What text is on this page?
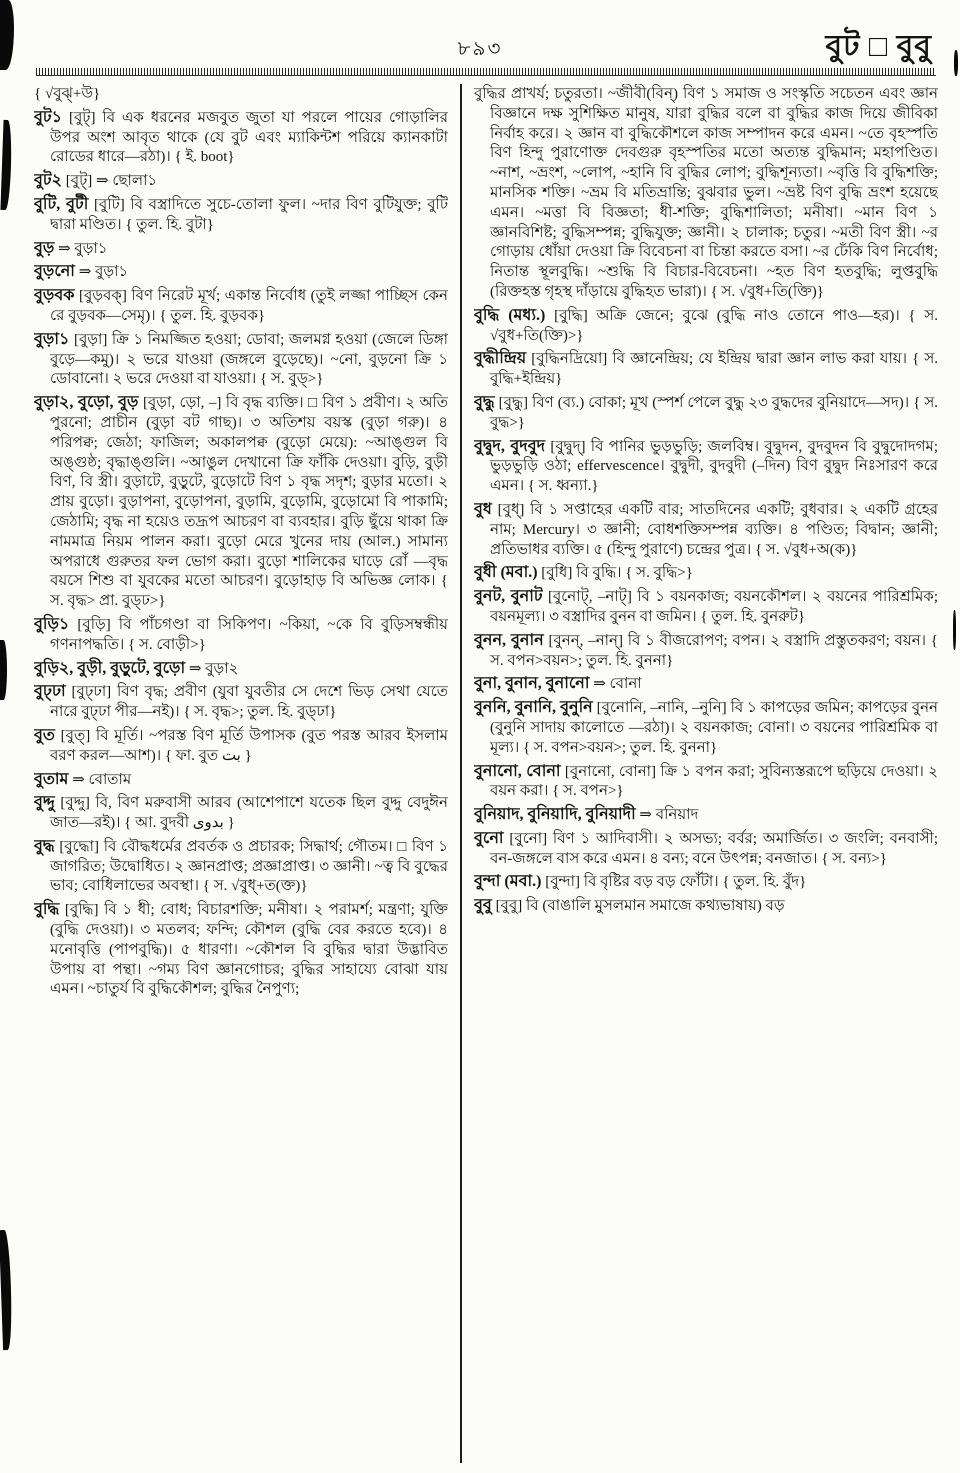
৮৯৩	বুট □ বুবু

{ √বুঝ্+উ}

বুট১ [বুট্] বি এক ধরনের মজবুত জুতা যা পরলে পায়ের গোড়ালির উপর অংশ আবৃত থাকে (যে বুট এবং ম্যাকিন্টশ পরিয়ে ক্যানকাটা রোডের ধারে—রঠা)। { ই. boot}

বুট২ [বুট্] ⇒ ছোলা১

বুটি, বুটী [বুটি] বি বস্ত্রাদিতে সুচে-তোলা ফুল। ~দার বিণ বুটিযুক্ত; বুটি দ্বারা মণ্ডিত। { তুল. হি. বুটা}

বুড় ⇒ বুড়া১

বুড়নো ⇒ বুড়া১

বুড়বক [বুড়বক্] বিণ নিরেট মূর্খ; একান্ত নির্বোধ (তুই লজ্জা পাচ্ছিস কেন রে বুড়বক—সেমৃ)। { তুল. হি. বুড়বক}

বুড়া১ [বুড়া] ক্রি ১ নিমজ্জিত হওয়া; ডোবা; জলমগ্ন হওয়া (জেলে ডিঙ্গা বুড়ে—কমু)। ২ ভরে যাওয়া (জঙ্গলে বুড়েছে)। ~নো, বুড়নো ক্রি ১ ডোবানো। ২ ভরে দেওয়া বা যাওয়া। { স. বুড্>}

বুড়া২, বুড়ো, বুড় [বুড়া, ড়ো, –] বি বৃদ্ধ ব্যক্তি। □ বিণ ১ প্রবীণ। ২ অতি পুরনো; প্রাচীন (বুড়া বট গাছ)। ৩ অতিশয় বয়স্ক (বুড়া গরু)। ৪ পরিপক্ব; জেঠা; ফাজিল; অকালপক্ব (বুড়ো মেয়ে): ~আঙ্গুল বি অঙ্গুষ্ঠ; বৃদ্ধাঙ্গুলি। ~আঙুল দেখানো ক্রি ফাঁকি দেওয়া। বুড়ি, বুড়ী বিণ, বি স্ত্রী। বুড়াটে, বুড়ুটে, বুড়োটে বিণ ১ বৃদ্ধ সদৃশ; বুড়ার মতো। ২ প্রায় বুড়ো। বুড়াপনা, বুড়োপনা, বুড়ামি, বুড়োমি, বুড়োমো বি পাকামি; জেঠামি; বৃদ্ধ না হয়েও তদ্রূপ আচরণ বা ব্যবহার। বুড়ি ছুঁয়ে থাকা ক্রি নামমাত্র নিয়ম পালন করা। বুড়ো মেরে খুনের দায় (আল.) সামান্য অপরাধে গুরুতর ফল ভোগ করা। বুড়ো শালিকের ঘাড়ে রোঁ —বৃদ্ধ বয়সে শিশু বা যুবকের মতো আচরণ। বুড়োহাড় বি অভিজ্ঞ লোক। { স. বৃদ্ধ> প্রা. বুড্ঢ>}

বুড়ি১ [বুড়ি] বি পাঁচগণ্ডা বা সিকিপণ। ~কিয়া, ~কে বি বুড়িসম্বন্ধীয় গণনাপদ্ধতি। { স. বোড়ী>}

বুড়ি২, বুড়ী, বুড়ুটে, বুড়ো ⇒ বুড়া২

বুঢ্ঢা [বুঢ্ঢা] বিণ বৃদ্ধ; প্রবীণ (যুবা যুবতীর সে দেশে ভিড় সেথা যেতে নারে বুঢ্ঢা পীর—নই)। { স. বৃদ্ধ>; তুল. হি. বুড্ঢা}

বুত [বুত্] বি মূর্তি। ~পরস্ত বিণ মূর্তি উপাসক (বুত পরস্ত আরব ইসলাম বরণ করল—আশ)। { ফা. বুত بت }

বুতাম ⇒ বোতাম

বুদ্দু [বুদ্দু] বি, বিণ মরুবাসী আরব (আশেপাশে যতেক ছিল বুদ্দু বেদুঈন জাত—রই)। { আ. বুদবী بدوى }

বুদ্ধ [বুদ্ধো] বি বৌদ্ধধর্মের প্রবর্তক ও প্রচারক; সিদ্ধার্থ; গৌতম। □ বিণ ১ জাগরিত; উদ্বোধিত। ২ জ্ঞানপ্রাপ্ত; প্রজ্ঞাপ্রাপ্ত। ৩ জ্ঞানী। ~ত্ব বি বুদ্ধের ভাব; বোধিলাভের অবস্থা। { স. √বুধ্+ত(ক্ত)}

বুদ্ধি [বুদ্ধি] বি ১ ধী; বোধ; বিচারশক্তি; মনীষা। ২ পরামর্শ; মন্ত্রণা; যুক্তি (বুদ্ধি দেওয়া)। ৩ মতলব; ফন্দি; কৌশল (বুদ্ধি বের করতে হবে)। ৪ মনোবৃত্তি (পাপবুদ্ধি)। ৫ ধারণা। ~কৌশল বি বুদ্ধির দ্বারা উদ্ভাবিত উপায় বা পন্থা। ~গম্য বিণ জ্ঞানগোচর; বুদ্ধির সাহায্যে বোঝা যায় এমন। ~চাতুর্য বি বুদ্ধিকৌশল; বুদ্ধির নৈপুণ্য;

বুদ্ধির প্রাখর্য; চতুরতা। ~জীবী(বিন্) বিণ ১ সমাজ ও সংস্কৃতি সচেতন এবং জ্ঞান বিজ্ঞানে দক্ষ সুশিক্ষিত মানুষ, যারা বুদ্ধির বলে বা বুদ্ধির কাজ দিয়ে জীবিকা নির্বাহ করে। ২ জ্ঞান বা বুদ্ধিকৌশলে কাজ সম্পাদন করে এমন। ~তে বৃহস্পতি বিণ হিন্দু পুরাণোক্ত দেবগুরু বৃহস্পতির মতো অত্যন্ত বুদ্ধিমান; মহাপণ্ডিত। ~নাশ, ~ভ্রংশ, ~লোপ, ~হানি বি বুদ্ধির লোপ; বুদ্ধিশূন্যতা। ~বৃত্তি বি বুদ্ধিশক্তি; মানসিক শক্তি। ~ভ্রম বি মতিভ্রান্তি; বুঝবার ভুল। ~ভ্রষ্ট বিণ বুদ্ধি ভ্রংশ হয়েছে এমন। ~মত্তা বি বিজ্ঞতা; ধী-শক্তি; বুদ্ধিশালিতা; মনীষা। ~মান বিণ ১ জ্ঞানবিশিষ্ট; বুদ্ধিসম্পন্ন; বুদ্ধিযুক্ত; জ্ঞানী। ২ চালাক; চতুর। ~মতী বিণ স্ত্রী। ~র গোড়ায় ধোঁয়া দেওয়া ক্রি বিবেচনা বা চিন্তা করতে বসা। ~র ঢেঁকি বিণ নির্বোধ; নিতান্ত স্থূলবুদ্ধি। ~শুদ্ধি বি বিচার-বিবেচনা। ~হত বিণ হতবুদ্ধি; লুপ্তবুদ্ধি (রিক্তহস্ত গৃহস্থ দাঁড়ায়ে বুদ্ধিহত ভারা)। { স. √বুধ+তি(ক্তি)}

বুদ্ধি (মধ্য.) [বুদ্ধি] অক্রি জেনে; বুঝে (বুদ্ধি নাও তোনে পাও—হর)। { স. √বুধ+তি(ক্তি)>}

বুদ্ধীন্দ্রিয় [বুদ্ধিনদ্রিয়ো] বি জ্ঞানেন্দ্রিয়; যে ইন্দ্রিয় দ্বারা জ্ঞান লাভ করা যায়। { স. বুদ্ধি+ইন্দ্রিয়}

বুদ্ধু [বুদ্ধু] বিণ (ব্য.) বোকা; মূখ (স্পর্শ পেলে বুদ্ধু ২৩ বুদ্ধদের বুনিয়াদে—সদ)। { স. বুদ্ধ>}

বুদ্বুদ, বুদবুদ [বুদ্বুদ্] বি পানির ভুড়ভুড়ি; জলবিম্ব। বুদ্বুদন, বুদবুদন বি বুদ্বুদোদগম; ভুড়ভুড়ি ওঠা; effervescence। বুদ্বুদী, বুদবুদী (–দিন) বিণ বুদ্বুদ নিঃসারণ করে এমন। { স. ধ্বন্যা.}

বুধ [বুধ্] বি ১ সপ্তাহের একটি বার; সাতদিনের একটি; বুধবার। ২ একটি গ্রহের নাম; Mercury। ৩ জ্ঞানী; বোধশক্তিসম্পন্ন ব্যক্তি। ৪ পণ্ডিত; বিদ্বান; জ্ঞানী; প্রতিভাধর ব্যক্তি। ৫ (হিন্দু পুরাণে) চন্দ্রের পুত্র। { স. √বুধ+অ(ক)}

বুধী (মবা.) [বুধি] বি বুদ্ধি। { স. বুদ্ধি>}

বুনট, বুনাট [বুনোট্, –নাট্] বি ১ বয়নকাজ; বয়নকৌশল। ২ বয়নের পারিশ্রমিক; বয়নমূল্য। ৩ বস্ত্রাদির বুনন বা জমিন। { তুল. হি. বুনরুট}

বুনন, বুনান [বুনন্, –নান্] বি ১ বীজরোপণ; বপন। ২ বস্ত্রাদি প্রস্তুতকরণ; বয়ন। { স. বপন>বয়ন>; তুল. হি. বুননা}

বুনা, বুনান, বুনানো ⇒ বোনা

বুননি, বুনানি, বুনুনি [বুনোনি, –নানি, –নুনি] বি ১ কাপড়ের জমিন; কাপড়ের বুনন (বুনুনি সাদায় কালোতে —রঠা)। ২ বয়নকাজ; বোনা। ৩ বয়নের পারিশ্রমিক বা মূল্য। { স. বপন>বয়ন>; তুল. হি. বুননা}

বুনানো, বোনা [বুনানো, বোনা] ক্রি ১ বপন করা; সুবিন্যস্তরূপে ছড়িয়ে দেওয়া। ২ বয়ন করা। { স. বপন>}

বুনিয়াদ, বুনিয়াদি, বুনিয়াদী ⇒ বনিয়াদ

বুনো [বুনো] বিণ ১ আদিবাসী। ২ অসভ্য; বর্বর; অমার্জিত। ৩ জংলি; বনবাসী; বন-জঙ্গলে বাস করে এমন। ৪ বন্য; বনে উৎপন্ন; বনজাত। { স. বন্য>}

বুন্দা (মবা.) [বুন্দা] বি বৃষ্টির বড় বড় ফোঁটা। { তুল. হি. বুঁদ}

বুবু [বুবু] বি (বাঙালি মুসলমান সমাজে কথ্যভাষায়) বড়
